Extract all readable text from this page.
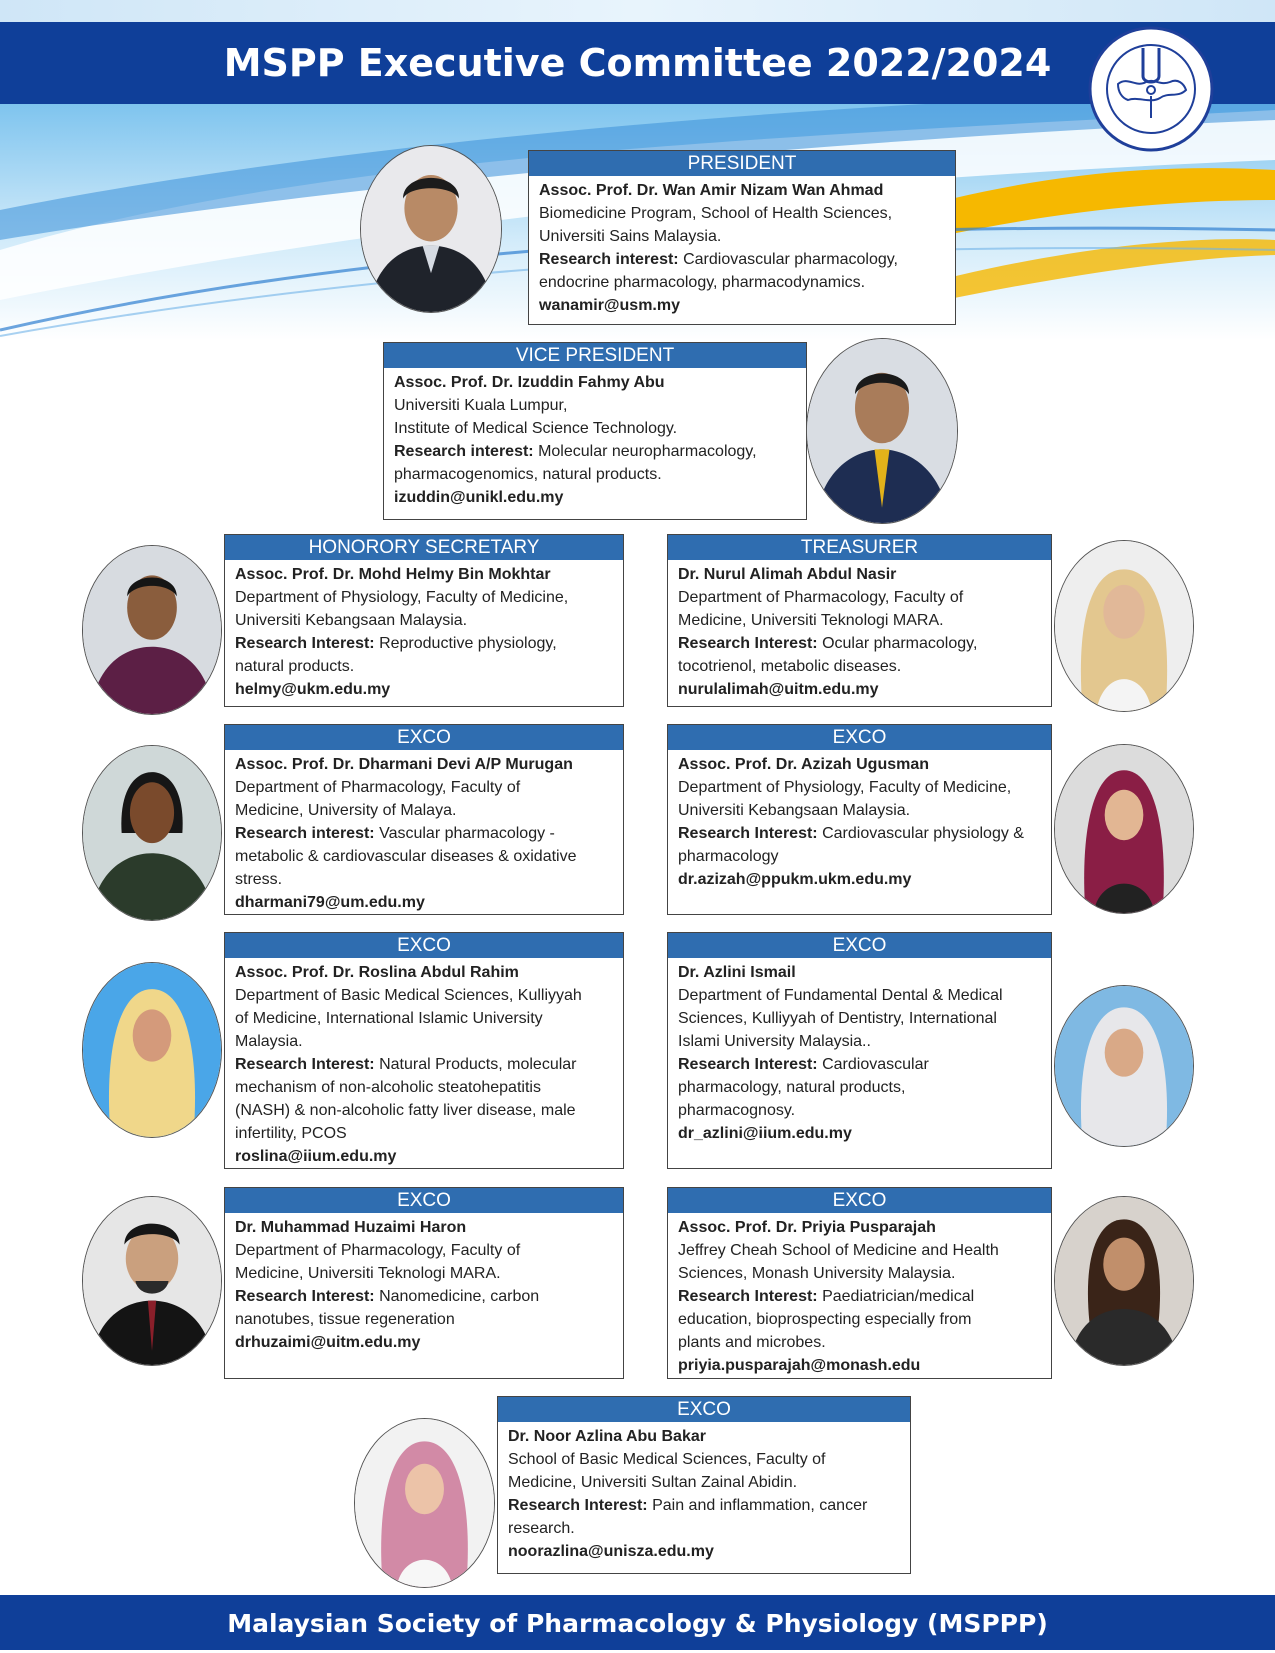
MSPP Executive Committee 2022/2024
PRESIDENT
Assoc. Prof. Dr. Wan Amir Nizam Wan Ahmad
Biomedicine Program, School of Health Sciences,
Universiti Sains Malaysia.
Research interest: Cardiovascular pharmacology,
endocrine pharmacology, pharmacodynamics.
wanamir@usm.my
VICE PRESIDENT
Assoc. Prof. Dr. Izuddin Fahmy Abu
Universiti Kuala Lumpur,
Institute of Medical Science Technology.
Research interest: Molecular neuropharmacology,
pharmacogenomics, natural products.
izuddin@unikl.edu.my
HONORORY SECRETARY
Assoc. Prof. Dr. Mohd Helmy Bin Mokhtar
Department of Physiology, Faculty of Medicine,
Universiti Kebangsaan Malaysia.
Research Interest: Reproductive physiology,
natural products.
helmy@ukm.edu.my
TREASURER
Dr. Nurul Alimah Abdul Nasir
Department of Pharmacology, Faculty of
Medicine, Universiti Teknologi MARA.
Research Interest: Ocular pharmacology,
tocotrienol, metabolic diseases.
nurulalimah@uitm.edu.my
EXCO
Assoc. Prof. Dr. Dharmani Devi A/P Murugan
Department of Pharmacology, Faculty of
Medicine, University of Malaya.
Research interest: Vascular pharmacology -
metabolic & cardiovascular diseases & oxidative
stress.
dharmani79@um.edu.my
EXCO
Assoc. Prof. Dr. Azizah Ugusman
Department of Physiology, Faculty of Medicine,
Universiti Kebangsaan Malaysia.
Research Interest: Cardiovascular physiology &
pharmacology
dr.azizah@ppukm.ukm.edu.my
EXCO
Assoc. Prof. Dr. Roslina Abdul Rahim
Department of Basic Medical Sciences, Kulliyyah
of Medicine, International Islamic University
Malaysia.
Research Interest: Natural Products, molecular
mechanism of non-alcoholic steatohepatitis
(NASH) & non-alcoholic fatty liver disease, male
infertility, PCOS
roslina@iium.edu.my
EXCO
Dr. Azlini Ismail
Department of Fundamental Dental & Medical
Sciences, Kulliyyah of Dentistry, International
Islami University Malaysia..
Research Interest: Cardiovascular
pharmacology, natural products,
pharmacognosy.
dr_azlini@iium.edu.my
EXCO
Dr. Muhammad Huzaimi Haron
Department of Pharmacology, Faculty of
Medicine, Universiti Teknologi MARA.
Research Interest: Nanomedicine, carbon
nanotubes, tissue regeneration
drhuzaimi@uitm.edu.my
EXCO
Assoc. Prof. Dr. Priyia Pusparajah
Jeffrey Cheah School of Medicine and Health
Sciences, Monash University Malaysia.
Research Interest: Paediatrician/medical
education, bioprospecting especially from
plants and microbes.
priyia.pusparajah@monash.edu
EXCO
Dr. Noor Azlina Abu Bakar
School of Basic Medical Sciences, Faculty of
Medicine, Universiti Sultan Zainal Abidin.
Research Interest: Pain and inflammation, cancer
research.
noorazlina@unisza.edu.my
Malaysian Society of Pharmacology & Physiology (MSPPP)
